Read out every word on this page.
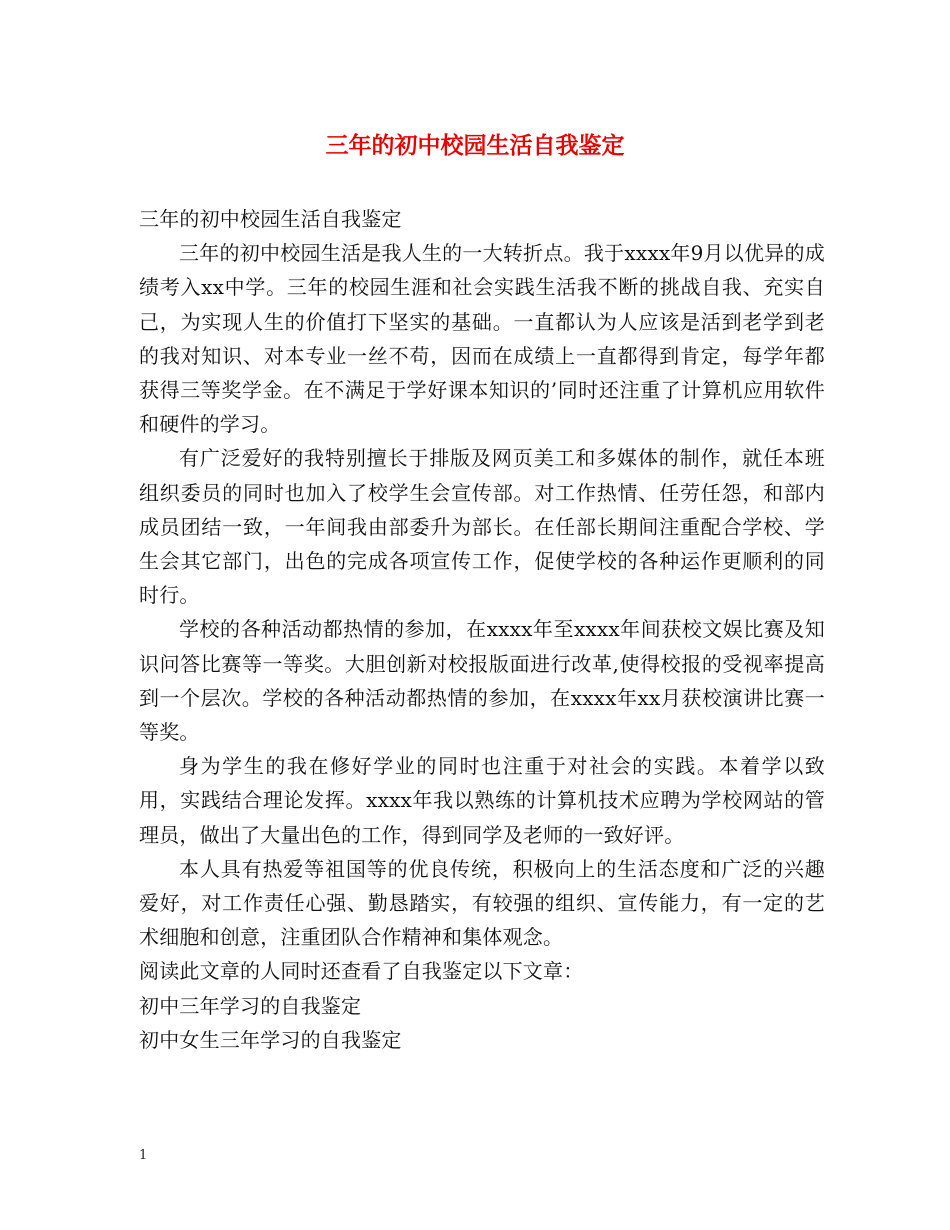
三年的初中校园生活自我鉴定

三年的初中校园生活自我鉴定

三年的初中校园生活是我人生的一大转折点。我于xxxx年9月以优异的成绩考入xx中学。三年的校园生涯和社会实践生活我不断的挑战自我、充实自己，为实现人生的价值打下坚实的基础。一直都认为人应该是活到老学到老的我对知识、对本专业一丝不苟，因而在成绩上一直都得到肯定，每学年都获得三等奖学金。在不满足于学好课本知识的’同时还注重了计算机应用软件和硬件的学习。

有广泛爱好的我特别擅长于排版及网页美工和多媒体的制作，就任本班组织委员的同时也加入了校学生会宣传部。对工作热情、任劳任怨，和部内成员团结一致，一年间我由部委升为部长。在任部长期间注重配合学校、学生会其它部门，出色的完成各项宣传工作，促使学校的各种运作更顺利的同时行。

学校的各种活动都热情的参加，在xxxx年至xxxx年间获校文娱比赛及知识问答比赛等一等奖。大胆创新对校报版面进行改革,使得校报的受视率提高到一个层次。学校的各种活动都热情的参加，在xxxx年xx月获校演讲比赛一等奖。

身为学生的我在修好学业的同时也注重于对社会的实践。本着学以致用，实践结合理论发挥。xxxx年我以熟练的计算机技术应聘为学校网站的管理员，做出了大量出色的工作，得到同学及老师的一致好评。

本人具有热爱等祖国等的优良传统，积极向上的生活态度和广泛的兴趣爱好，对工作责任心强、勤恳踏实，有较强的组织、宣传能力，有一定的艺术细胞和创意，注重团队合作精神和集体观念。

阅读此文章的人同时还查看了自我鉴定以下文章：

初中三年学习的自我鉴定

初中女生三年学习的自我鉴定

1
